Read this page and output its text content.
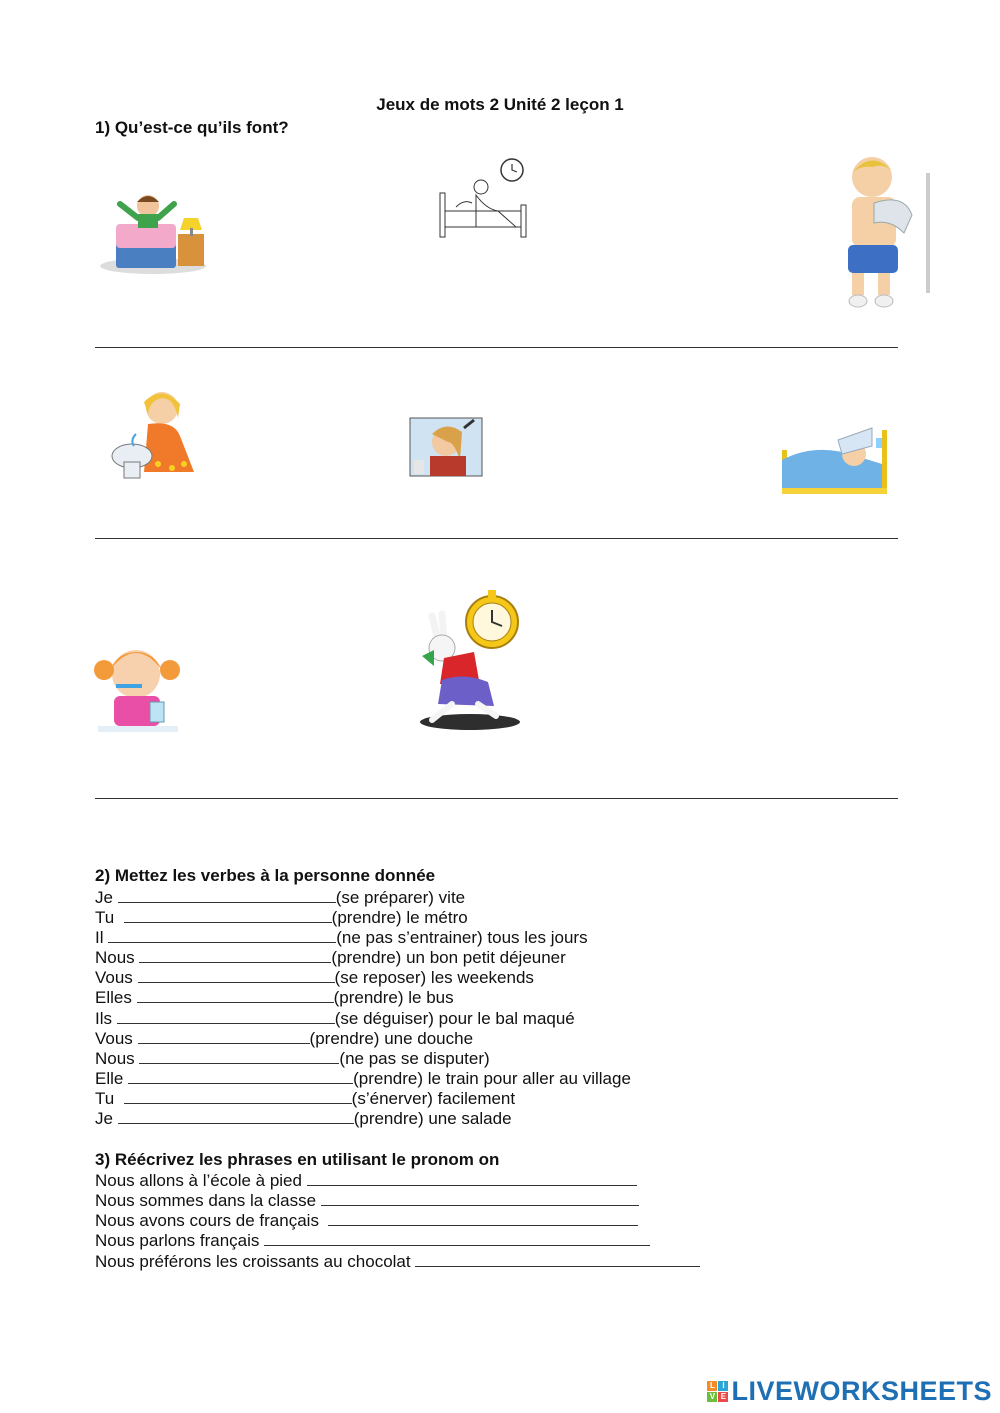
Jeux de mots 2 Unité 2 leçon 1
1) Qu’est-ce qu’ils font?
2) Mettez les verbes à la personne donnée
Je	(se préparer) vite
Tu	(prendre) le métro
Il	(ne pas s’entrainer) tous les jours
Nous	(prendre) un bon petit déjeuner
Vous	(se reposer) les weekends
Elles	(prendre) le bus
Ils	(se déguiser) pour le bal maqué
Vous	(prendre) une douche
Nous	(ne pas se disputer)
Elle	(prendre) le train pour aller au village
Tu	(s’énerver) facilement
Je	(prendre) une salade
3) Réécrivez les phrases en utilisant le pronom on
Nous allons à l’école à pied
Nous sommes dans la classe
Nous avons cours de français
Nous parlons français
Nous préférons les croissants au chocolat
L I
V E LIVEWORKSHEETS
